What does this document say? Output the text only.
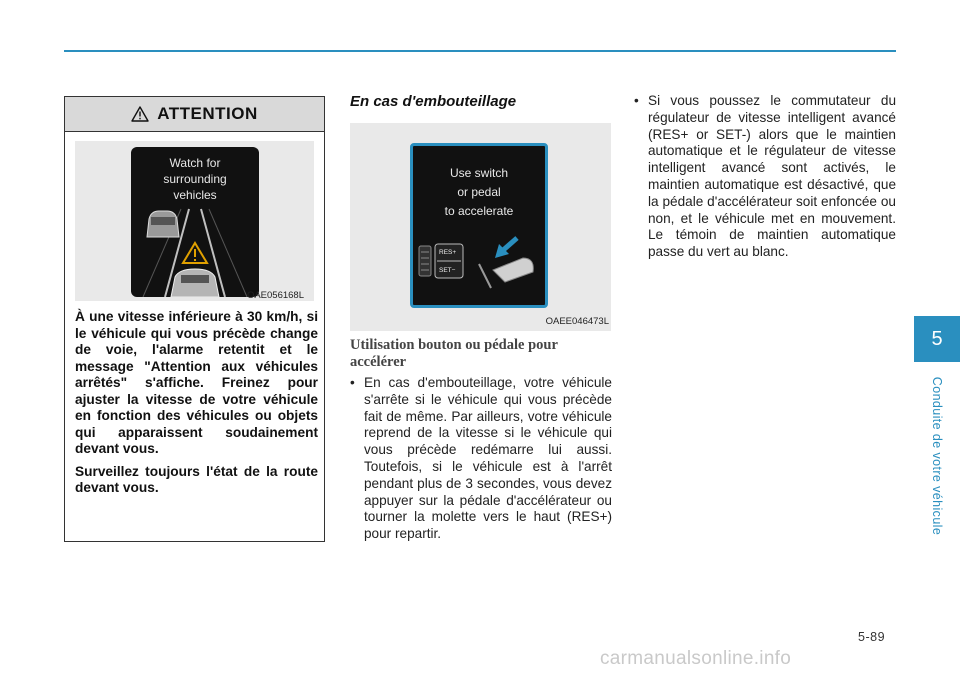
ATTENTION
Watch for
surrounding
vehicles
OAE056168L

À une vitesse inférieure à 30 km/h, si le véhicule qui vous précède change de voie, l'alarme retentit et le message "Attention aux véhicules arrêtés" s'affiche. Freinez pour ajuster la vitesse de votre véhicule en fonction des véhicules ou objets qui apparaissent soudainement devant vous.

Surveillez toujours l'état de la route devant vous.

En cas d'embouteillage
Use switch
or pedal
to accelerate
RES+
SET−
OAEE046473L
Utilisation bouton ou pédale pour accélérer
• En cas d'embouteillage, votre véhicule s'arrête si le véhicule qui vous précède fait de même. Par ailleurs, votre véhicule reprend de la vitesse si le véhicule qui vous précède redémarre lui aussi. Toutefois, si le véhicule est à l'arrêt pendant plus de 3 secondes, vous devez appuyer sur la pédale d'accélérateur ou tourner la molette vers le haut (RES+) pour repartir.
• Si vous poussez le commutateur du régulateur de vitesse intelligent avancé (RES+ or SET-) alors que le maintien automatique et le régulateur de vitesse intelligent avancé sont activés, le maintien automatique est désactivé, que la pédale d'accélérateur soit enfoncée ou non, et le véhicule met en mouvement. Le témoin de maintien automatique passe du vert au blanc.
5
Conduite de votre véhicule
5-89
carmanualsonline.info
